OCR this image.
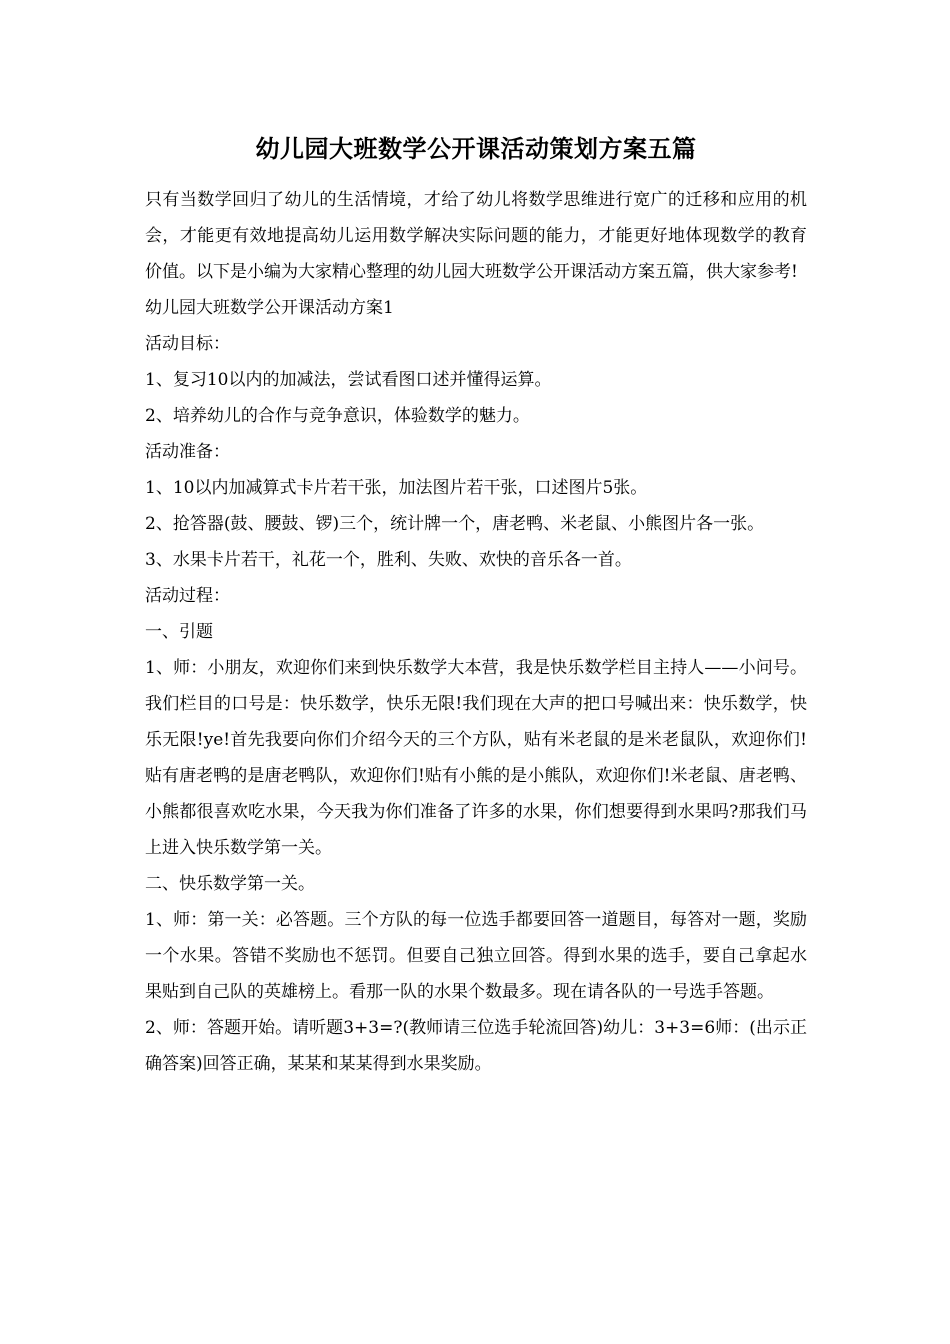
幼儿园大班数学公开课活动策划方案五篇

只有当数学回归了幼儿的生活情境，才给了幼儿将数学思维进行宽广的迁移和应用的机会，才能更有效地提高幼儿运用数学解决实际问题的能力，才能更好地体现数学的教育价值。以下是小编为大家精心整理的幼儿园大班数学公开课活动方案五篇，供大家参考!

幼儿园大班数学公开课活动方案1

活动目标：

1、复习10以内的加减法，尝试看图口述并懂得运算。

2、培养幼儿的合作与竞争意识，体验数学的魅力。

活动准备：

1、10以内加减算式卡片若干张，加法图片若干张，口述图片5张。

2、抢答器(鼓、腰鼓、锣)三个，统计牌一个，唐老鸭、米老鼠、小熊图片各一张。

3、水果卡片若干，礼花一个，胜利、失败、欢快的音乐各一首。

活动过程：

一、引题

1、师：小朋友，欢迎你们来到快乐数学大本营，我是快乐数学栏目主持人——小问号。我们栏目的口号是：快乐数学，快乐无限!我们现在大声的把口号喊出来：快乐数学，快乐无限!ye!首先我要向你们介绍今天的三个方队，贴有米老鼠的是米老鼠队，欢迎你们!贴有唐老鸭的是唐老鸭队，欢迎你们!贴有小熊的是小熊队，欢迎你们!米老鼠、唐老鸭、小熊都很喜欢吃水果，今天我为你们准备了许多的水果，你们想要得到水果吗?那我们马上进入快乐数学第一关。

二、快乐数学第一关。

1、师：第一关：必答题。三个方队的每一位选手都要回答一道题目，每答对一题，奖励一个水果。答错不奖励也不惩罚。但要自己独立回答。得到水果的选手，要自己拿起水果贴到自己队的英雄榜上。看那一队的水果个数最多。现在请各队的一号选手答题。

2、师：答题开始。请听题3+3=?(教师请三位选手轮流回答)幼儿：3+3=6师：(出示正确答案)回答正确，某某和某某得到水果奖励。
